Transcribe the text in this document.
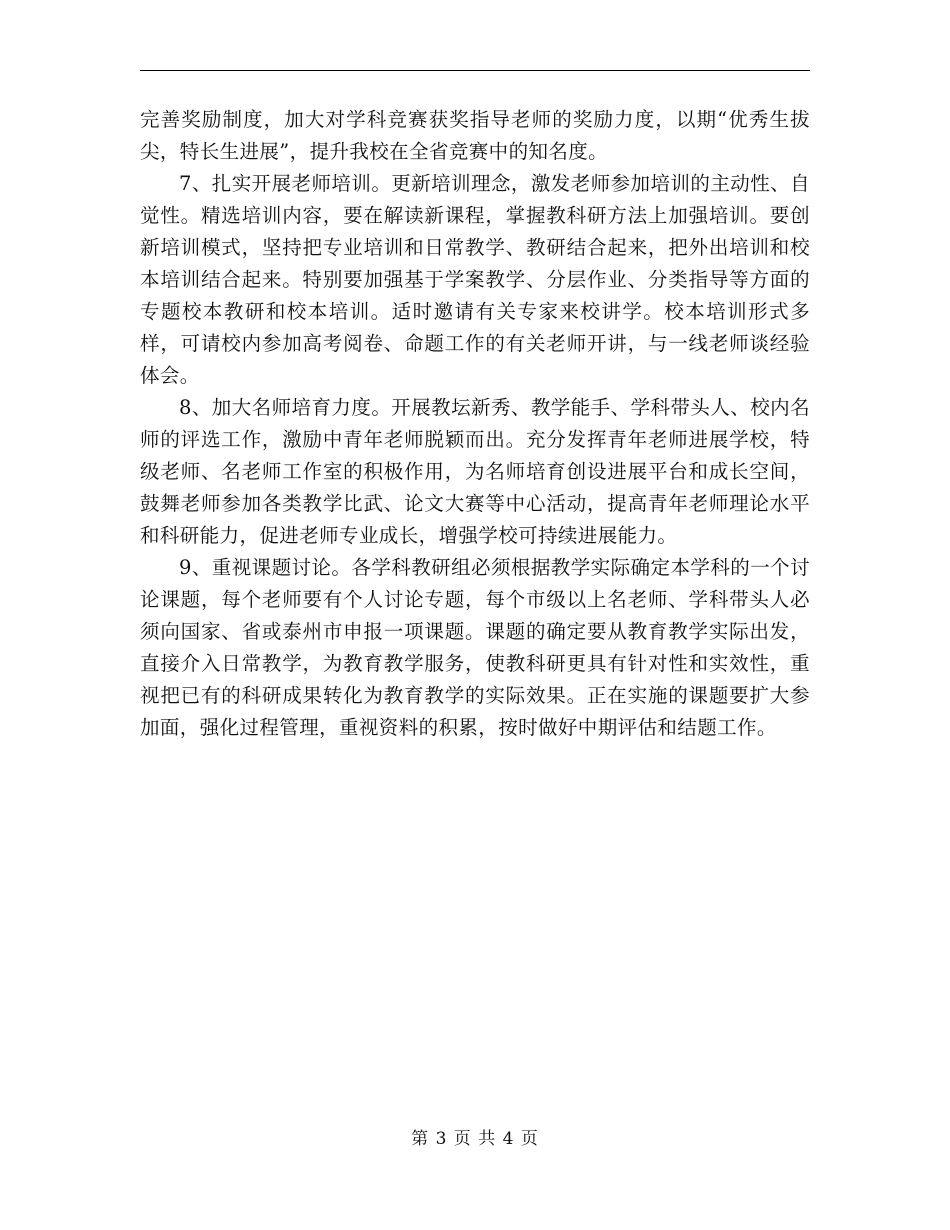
完善奖励制度，加大对学科竞赛获奖指导老师的奖励力度，以期“优秀生拔尖，特长生进展”，提升我校在全省竞赛中的知名度。

7、扎实开展老师培训。更新培训理念，激发老师参加培训的主动性、自觉性。精选培训内容，要在解读新课程，掌握教科研方法上加强培训。要创新培训模式，坚持把专业培训和日常教学、教研结合起来，把外出培训和校本培训结合起来。特别要加强基于学案教学、分层作业、分类指导等方面的专题校本教研和校本培训。适时邀请有关专家来校讲学。校本培训形式多样，可请校内参加高考阅卷、命题工作的有关老师开讲，与一线老师谈经验体会。

8、加大名师培育力度。开展教坛新秀、教学能手、学科带头人、校内名师的评选工作，激励中青年老师脱颖而出。充分发挥青年老师进展学校，特级老师、名老师工作室的积极作用，为名师培育创设进展平台和成长空间，鼓舞老师参加各类教学比武、论文大赛等中心活动，提高青年老师理论水平和科研能力，促进老师专业成长，增强学校可持续进展能力。

9、重视课题讨论。各学科教研组必须根据教学实际确定本学科的一个讨论课题，每个老师要有个人讨论专题，每个市级以上名老师、学科带头人必须向国家、省或泰州市申报一项课题。课题的确定要从教育教学实际出发，直接介入日常教学，为教育教学服务，使教科研更具有针对性和实效性，重视把已有的科研成果转化为教育教学的实际效果。正在实施的课题要扩大参加面，强化过程管理，重视资料的积累，按时做好中期评估和结题工作。

第 3 页 共 4 页
